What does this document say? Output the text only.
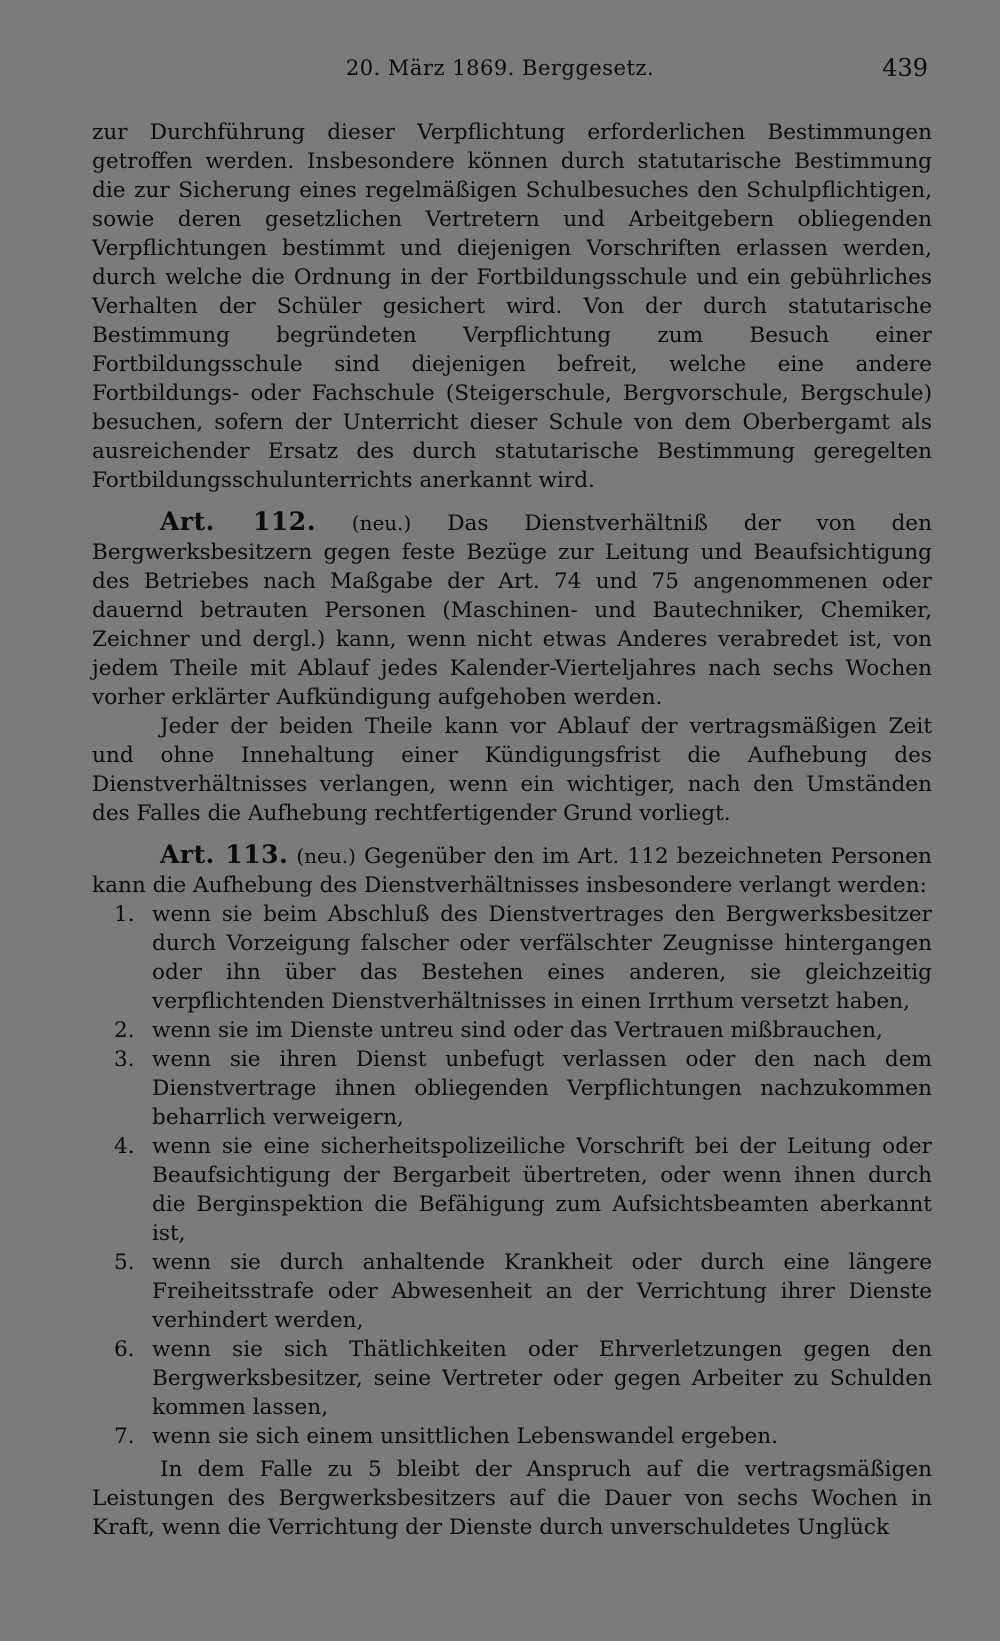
20. März 1869. Berggesetz.	439

zur Durchführung dieser Verpflichtung erforderlichen Bestimmungen getroffen werden. Insbesondere können durch statutarische Bestimmung die zur Sicherung eines regelmäßigen Schulbesuches den Schulpflichtigen, sowie deren gesetzlichen Vertretern und Arbeitgebern obliegenden Verpflichtungen bestimmt und diejenigen Vorschriften erlassen werden, durch welche die Ordnung in der Fortbildungsschule und ein gebührliches Verhalten der Schüler gesichert wird. Von der durch statutarische Bestimmung begründeten Verpflichtung zum Besuch einer Fortbildungsschule sind diejenigen befreit, welche eine andere Fortbildungs- oder Fachschule (Steigerschule, Bergvorschule, Bergschule) besuchen, sofern der Unterricht dieser Schule von dem Oberbergamt als ausreichender Ersatz des durch statutarische Bestimmung geregelten Fortbildungsschulunterrichts anerkannt wird.

Art. 112. (neu.) Das Dienstverhältniß der von den Bergwerksbesitzern gegen feste Bezüge zur Leitung und Beaufsichtigung des Betriebes nach Maßgabe der Art. 74 und 75 angenommenen oder dauernd betrauten Personen (Maschinen- und Bautechniker, Chemiker, Zeichner und dergl.) kann, wenn nicht etwas Anderes verabredet ist, von jedem Theile mit Ablauf jedes Kalender-Vierteljahres nach sechs Wochen vorher erklärter Aufkündigung aufgehoben werden.

Jeder der beiden Theile kann vor Ablauf der vertragsmäßigen Zeit und ohne Innehaltung einer Kündigungsfrist die Aufhebung des Dienstverhältnisses verlangen, wenn ein wichtiger, nach den Umständen des Falles die Aufhebung rechtfertigender Grund vorliegt.

Art. 113. (neu.) Gegenüber den im Art. 112 bezeichneten Personen kann die Aufhebung des Dienstverhältnisses insbesondere verlangt werden:

1. wenn sie beim Abschluß des Dienstvertrages den Bergwerksbesitzer durch Vorzeigung falscher oder verfälschter Zeugnisse hintergangen oder ihn über das Bestehen eines anderen, sie gleichzeitig verpflichtenden Dienstverhältnisses in einen Irrthum versetzt haben,
2. wenn sie im Dienste untreu sind oder das Vertrauen mißbrauchen,
3. wenn sie ihren Dienst unbefugt verlassen oder den nach dem Dienstvertrage ihnen obliegenden Verpflichtungen nachzukommen beharrlich verweigern,
4. wenn sie eine sicherheitspolizeiliche Vorschrift bei der Leitung oder Beaufsichtigung der Bergarbeit übertreten, oder wenn ihnen durch die Berginspektion die Befähigung zum Aufsichtsbeamten aberkannt ist,
5. wenn sie durch anhaltende Krankheit oder durch eine längere Freiheitsstrafe oder Abwesenheit an der Verrichtung ihrer Dienste verhindert werden,
6. wenn sie sich Thätlichkeiten oder Ehrverletzungen gegen den Bergwerksbesitzer, seine Vertreter oder gegen Arbeiter zu Schulden kommen lassen,
7. wenn sie sich einem unsittlichen Lebenswandel ergeben.

In dem Falle zu 5 bleibt der Anspruch auf die vertragsmäßigen Leistungen des Bergwerksbesitzers auf die Dauer von sechs Wochen in Kraft, wenn die Verrichtung der Dienste durch unverschuldetes Unglück
